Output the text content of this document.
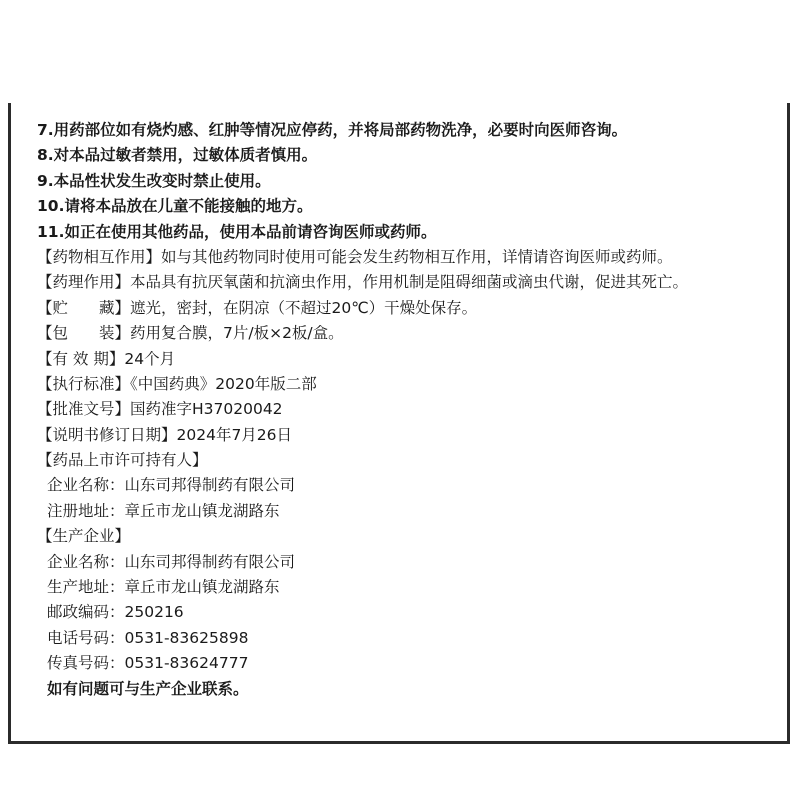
7.用药部位如有烧灼感、红肿等情况应停药，并将局部药物洗净，必要时向医师咨询。
8.对本品过敏者禁用，过敏体质者慎用。
9.本品性状发生改变时禁止使用。
10.请将本品放在儿童不能接触的地方。
11.如正在使用其他药品，使用本品前请咨询医师或药师。
【药物相互作用】如与其他药物同时使用可能会发生药物相互作用，详情请咨询医师或药师。
【药理作用】本品具有抗厌氧菌和抗滴虫作用，作用机制是阻碍细菌或滴虫代谢，促进其死亡。
【贮　　藏】遮光，密封，在阴凉（不超过20℃）干燥处保存。
【包　　装】药用复合膜，7片/板×2板/盒。
【有 效 期】24个月
【执行标准】《中国药典》2020年版二部
【批准文号】国药准字H37020042
【说明书修订日期】2024年7月26日
【药品上市许可持有人】
企业名称：山东司邦得制药有限公司
注册地址：章丘市龙山镇龙湖路东
【生产企业】
企业名称：山东司邦得制药有限公司
生产地址：章丘市龙山镇龙湖路东
邮政编码：250216
电话号码：0531-83625898
传真号码：0531-83624777
如有问题可与生产企业联系。
